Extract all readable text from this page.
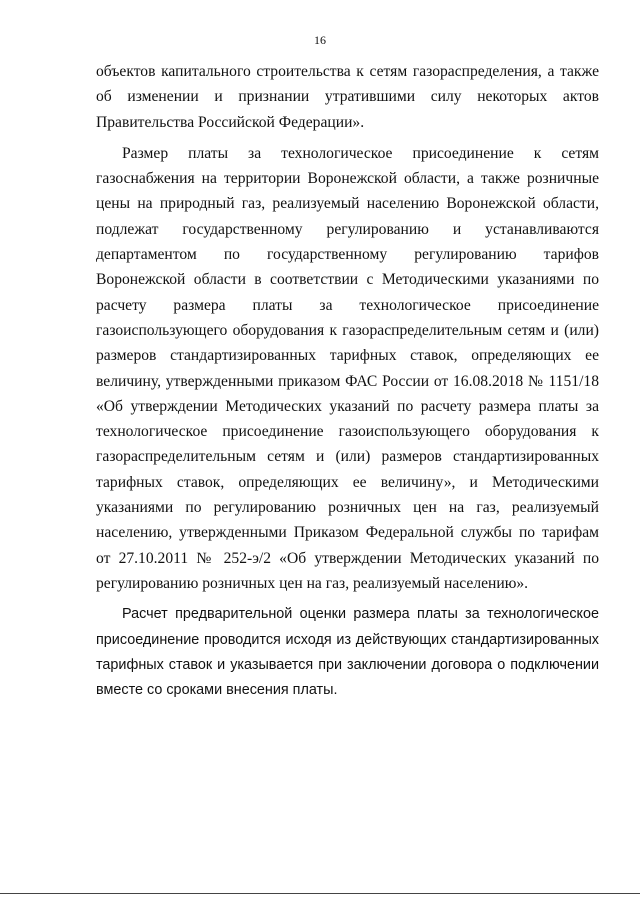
16

объектов капитального строительства к сетям газораспределения, а также об изменении и признании утратившими силу некоторых актов Правительства Российской Федерации».

Размер платы за технологическое присоединение к сетям газоснабжения на территории Воронежской области, а также розничные цены на природный газ, реализуемый населению Воронежской области, подлежат государственному регулированию и устанавливаются департаментом по государственному регулированию тарифов Воронежской области в соответствии с Методическими указаниями по расчету размера платы за технологическое присоединение газоиспользующего оборудования к газораспределительным сетям и (или) размеров стандартизированных тарифных ставок, определяющих ее величину, утвержденными приказом ФАС России от 16.08.2018 № 1151/18 «Об утверждении Методических указаний по расчету размера платы за технологическое присоединение газоиспользующего оборудования к газораспределительным сетям и (или) размеров стандартизированных тарифных ставок, определяющих ее величину», и Методическими указаниями по регулированию розничных цен на газ, реализуемый населению, утвержденными Приказом Федеральной службы по тарифам от 27.10.2011 № 252-э/2 «Об утверждении Методических указаний по регулированию розничных цен на газ, реализуемый населению».

Расчет предварительной оценки размера платы за технологическое присоединение проводится исходя из действующих стандартизированных тарифных ставок и указывается при заключении договора о подключении вместе со сроками внесения платы.
